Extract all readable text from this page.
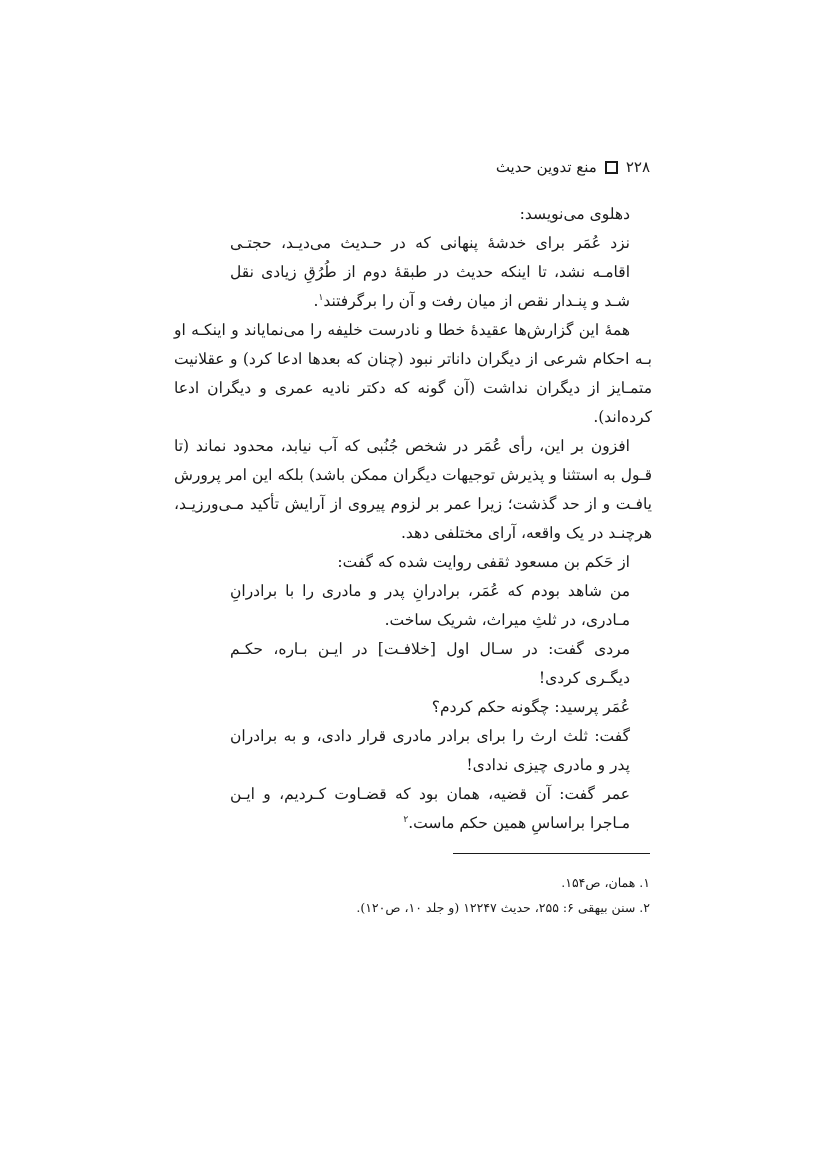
۲۲۸
منع تدوین حدیث

دهلوی می‌نویسد:

نزد عُمَر برای خدشهٔ پنهانی که در حـدیث می‌دیـد، حجتـی اقامـه نشد، تا اینکه حدیث در طبقهٔ دوم از طُرُقِ زیادی نقل شـد و پنـدار نقص از میان رفت و آن را برگرفتند$^۱$.

همهٔ این گزارش‌ها عقیدهٔ خطا و نادرست خلیفه را می‌نمایاند و اینکـه او بـه احکام شرعی از دیگران داناتر نبود (چنان که بعدها ادعا کرد) و عقلانیت متمـایز از دیگران نداشت (آن گونه که دکتر نادیه عمری و دیگران ادعا کرده‌اند).

افزون بر این، رأی عُمَر در شخص جُنُبی که آب نیابد، محدود نماند (تا قـول به استثنا و پذیرش توجیهات دیگران ممکن باشد) بلکه این امر پرورش یافـت و از حد گذشت؛ زیرا عمر بر لزوم پیروی از آرایش تأکید مـی‌ورزیـد، هرچنـد در یک واقعه، آرای مختلفی دهد.

از حَکم بن مسعود ثقفی روایت شده که گفت:

من شاهد بودم که عُمَر، برادرانِ پدر و مادری را با برادرانِ مـادری، در ثلثِ میراث، شریک ساخت.

مردی گفت: در سـال اول [خلافـت] در ایـن بـاره، حکـم دیگـری کردی!

عُمَر پرسید: چگونه حکم کردم؟

گفت: ثلث ارث را برای برادر مادری قرار دادی، و به برادران پدر و مادری چیزی ندادی!

عمر گفت: آن قضیه، همان بود که قضـاوت کـردیم، و ایـن مـاجرا براساسِ همین حکم ماست.$^۲$

۱. همان، ص۱۵۴.

۲. سنن بیهقی ۶: ۲۵۵، حدیث ۱۲۲۴۷ (و جلد ۱۰، ص۱۲۰).
